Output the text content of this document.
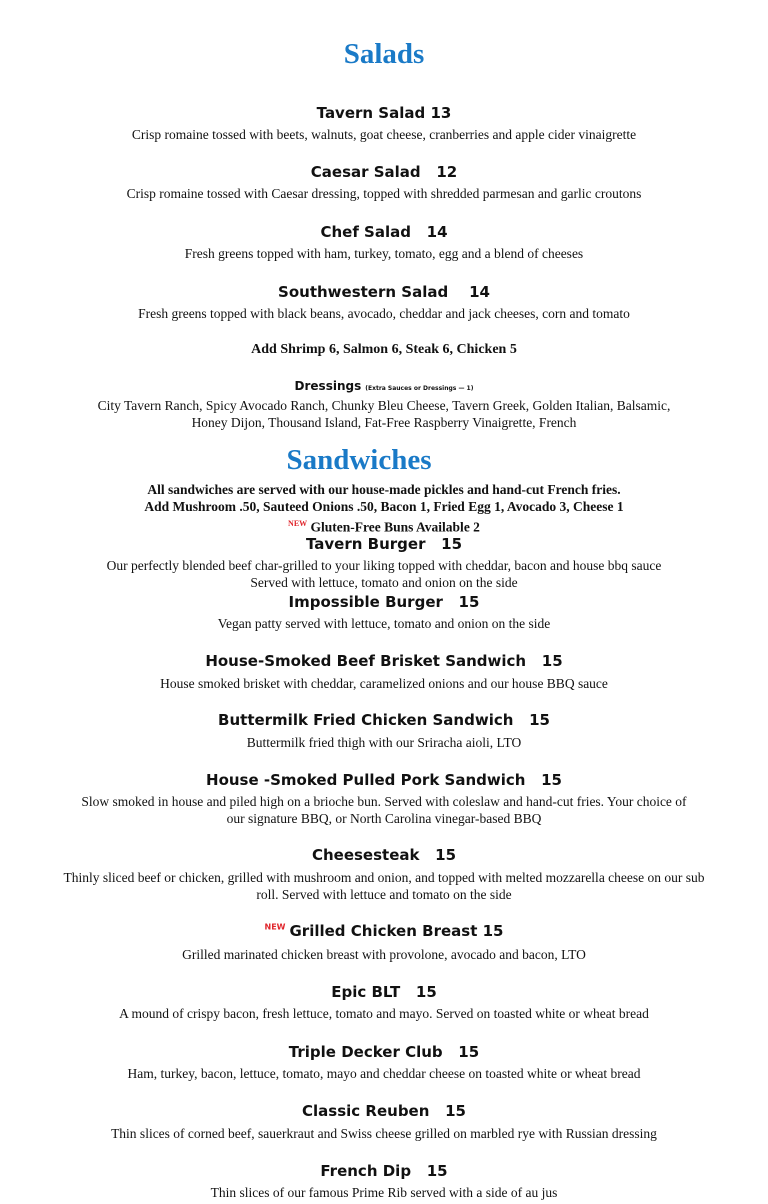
Salads
Tavern Salad 13
Crisp romaine tossed with beets, walnuts, goat cheese, cranberries and apple cider vinaigrette
Caesar Salad   12
Crisp romaine tossed with Caesar dressing, topped with shredded parmesan and garlic croutons
Chef Salad   14
Fresh greens topped with ham, turkey, tomato, egg and a blend of cheeses
Southwestern Salad    14
Fresh greens topped with black beans, avocado, cheddar and jack cheeses, corn and tomato
Add Shrimp 6, Salmon 6, Steak 6, Chicken 5
Dressings (Extra Sauces or Dressings — 1)
City Tavern Ranch, Spicy Avocado Ranch, Chunky Bleu Cheese, Tavern Greek, Golden Italian, Balsamic,
Honey Dijon, Thousand Island, Fat-Free Raspberry Vinaigrette, French
Sandwiches
All sandwiches are served with our house-made pickles and hand-cut French fries.
Add Mushroom .50, Sauteed Onions .50, Bacon 1, Fried Egg 1, Avocado 3, Cheese 1
$^{NEW}$ Gluten-Free Buns Available 2
Tavern Burger   15
Our perfectly blended beef char-grilled to your liking topped with cheddar, bacon and house bbq sauce
Served with lettuce, tomato and onion on the side
Impossible Burger   15
Vegan patty served with lettuce, tomato and onion on the side
House-Smoked Beef Brisket Sandwich   15
House smoked brisket with cheddar, caramelized onions and our house BBQ sauce
Buttermilk Fried Chicken Sandwich   15
Buttermilk fried thigh with our Sriracha aioli, LTO
House -Smoked Pulled Pork Sandwich   15
Slow smoked in house and piled high on a brioche bun. Served with coleslaw and hand-cut fries. Your choice of
our signature BBQ, or North Carolina vinegar-based BBQ
Cheesesteak   15
Thinly sliced beef or chicken, grilled with mushroom and onion, and topped with melted mozzarella cheese on our sub
roll. Served with lettuce and tomato on the side
$^{NEW}$ Grilled Chicken Breast 15
Grilled marinated chicken breast with provolone, avocado and bacon, LTO
Epic BLT   15
A mound of crispy bacon, fresh lettuce, tomato and mayo. Served on toasted white or wheat bread
Triple Decker Club   15
Ham, turkey, bacon, lettuce, tomato, mayo and cheddar cheese on toasted white or wheat bread
Classic Reuben   15
Thin slices of corned beef, sauerkraut and Swiss cheese grilled on marbled rye with Russian dressing
French Dip   15
Thin slices of our famous Prime Rib served with a side of au jus
